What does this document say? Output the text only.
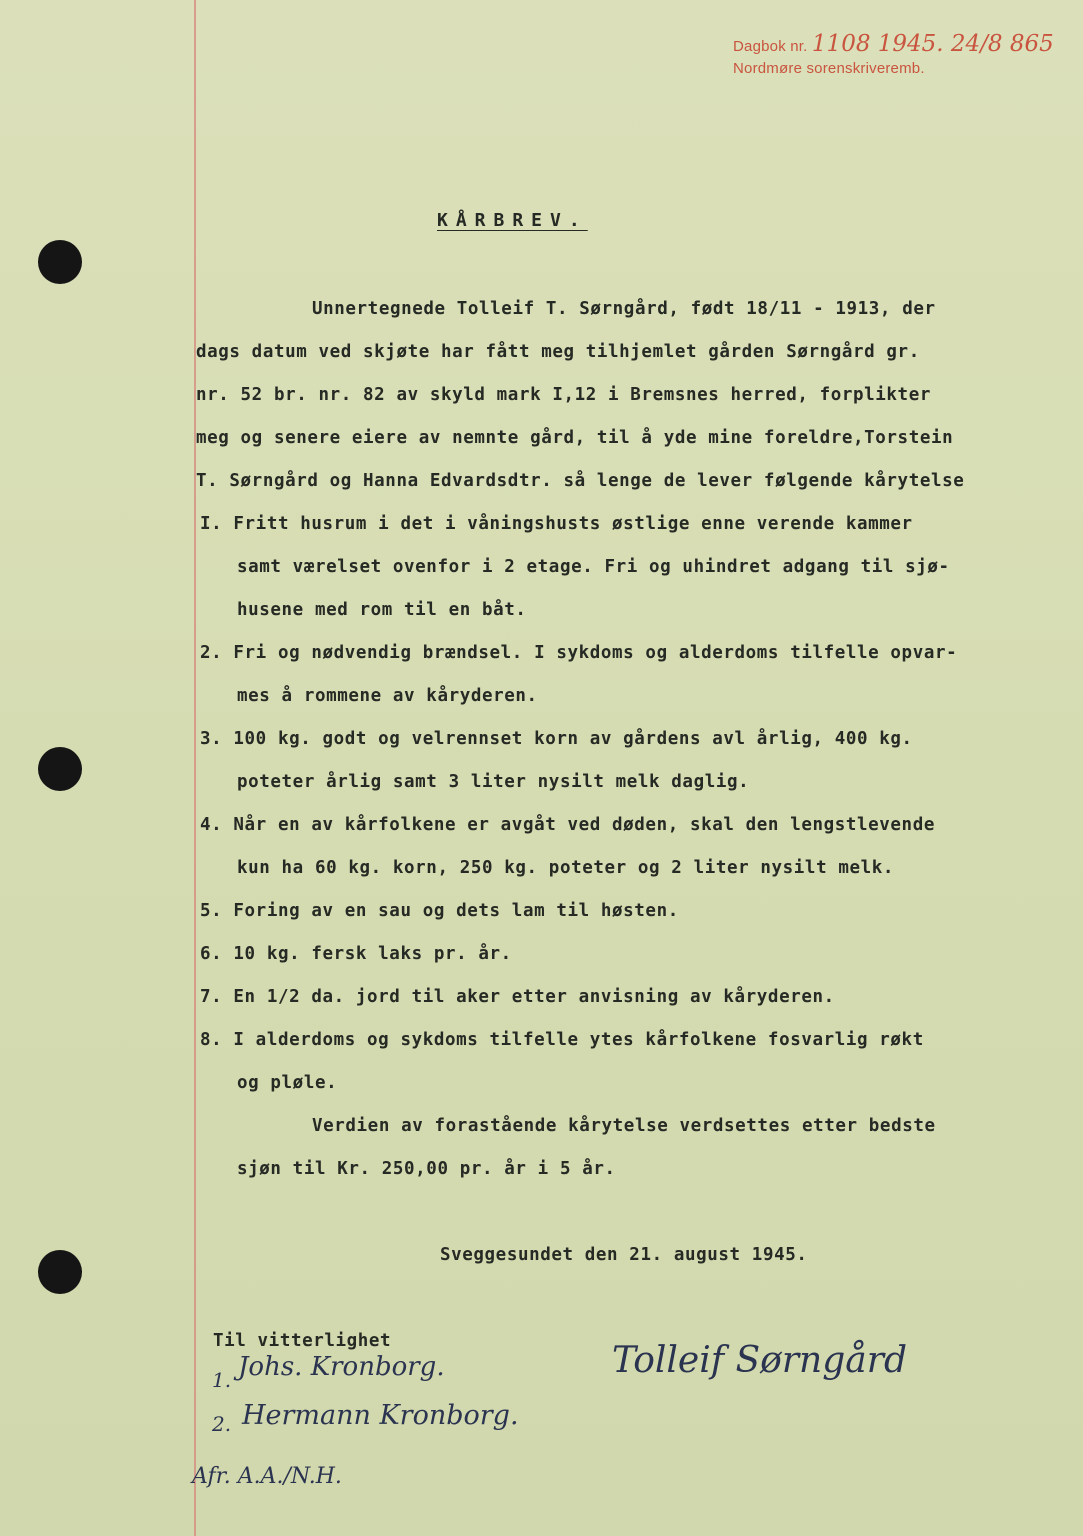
Dagbok nr. 1108 1945. 24/8 865
Nordmøre sorenskriveremb.
KÅRBREV.
Unnertegnede Tolleif T. Sørngård, født 18/11 - 1913, der
dags datum ved skjøte har fått meg tilhjemlet gården Sørngård gr.
nr. 52 br. nr. 82 av skyld mark I,12 i Bremsnes herred, forplikter
meg og senere eiere av nemnte gård, til å yde mine foreldre,Torstein
T. Sørngård og Hanna Edvardsdtr. så lenge de lever følgende kårytelse
I. Fritt husrum i det i våningshusts østlige enne verende kammer
samt værelset ovenfor i 2 etage. Fri og uhindret adgang til sjø-
husene med rom til en båt.
2. Fri og nødvendig brændsel. I sykdoms og alderdoms tilfelle opvar-
mes å rommene av kåryderen.
3. 100 kg. godt og velrennset korn av gårdens avl årlig, 400 kg.
poteter årlig samt 3 liter nysilt melk daglig.
4. Når en av kårfolkene er avgåt ved døden, skal den lengstlevende
kun ha 60 kg. korn, 250 kg. poteter og 2 liter nysilt melk.
5. Foring av en sau og dets lam til høsten.
6. 10 kg. fersk laks pr. år.
7. En 1/2 da. jord til aker etter anvisning av kåryderen.
8. I alderdoms og sykdoms tilfelle ytes kårfolkene fosvarlig røkt
og pløle.
Verdien av forastående kårytelse verdsettes etter bedste
sjøn til Kr. 250,00 pr. år i 5 år.
Sveggesundet den 21. august 1945.
Til vitterlighet
1. Johs. Kronborg.
2. Hermann Kronborg.
Tolleif Sørngård
Afr. A.A./N.H.
